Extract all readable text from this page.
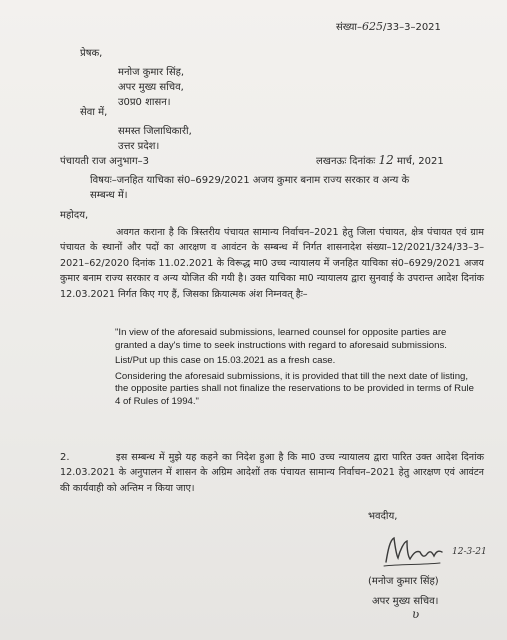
संख्या–625/33–3–2021
प्रेषक,
मनोज कुमार सिंह,
अपर मुख्य सचिव,
उ0प्र0 शासन।
सेवा में,
समस्त जिलाधिकारी,
उत्तर प्रदेश।
पंचायती राज अनुभाग–3	लखनऊः दिनांकः 12 मार्च, 2021
विषयः–जनहित याचिका सं0–6929/2021 अजय कुमार बनाम राज्य सरकार व अन्य के
सम्बन्ध में।
महोदय,
अवगत कराना है कि त्रिस्तरीय पंचायत सामान्य निर्वाचन–2021 हेतु जिला पंचायत, क्षेत्र पंचायत एवं ग्राम पंचायत के स्थानों और पदों का आरक्षण व आवंटन के सम्बन्ध में निर्गत शासनादेश संख्या–12/2021/324/33–3–2021–62/2020 दिनांक 11.02.2021 के विरूद्ध मा0 उच्च न्यायालय में जनहित याचिका सं0–6929/2021 अजय कुमार बनाम राज्य सरकार व अन्य योजित की गयी है। उक्त याचिका मा0 न्यायालय द्वारा सुनवाई के उपरान्त आदेश दिनांक 12.03.2021 निर्गत किए गए हैं, जिसका क्रियात्मक अंश निम्नवत् हैः–

"In view of the aforesaid submissions, learned counsel for opposite parties are granted a day's time to seek instructions with regard to aforesaid submissions.

List/Put up this case on 15.03.2021 as a fresh case.

Considering the aforesaid submissions, it is provided that till the next date of listing, the opposite parties shall not finalize the reservations to be provided in terms of Rule 4 of Rules of 1994."

2.	इस सम्बन्ध में मुझे यह कहने का निदेश हुआ है कि मा0 उच्च न्यायालय द्वारा पारित उक्त आदेश दिनांक 12.03.2021 के अनुपालन में शासन के अग्रिम आदेशों तक पंचायत सामान्य निर्वाचन–2021 हेतु आरक्षण एवं आवंटन की कार्यवाही को अन्तिम न किया जाए।
भवदीय,
12-3-21
(मनोज कुमार सिंह)
अपर मुख्य सचिव।
ʋ
